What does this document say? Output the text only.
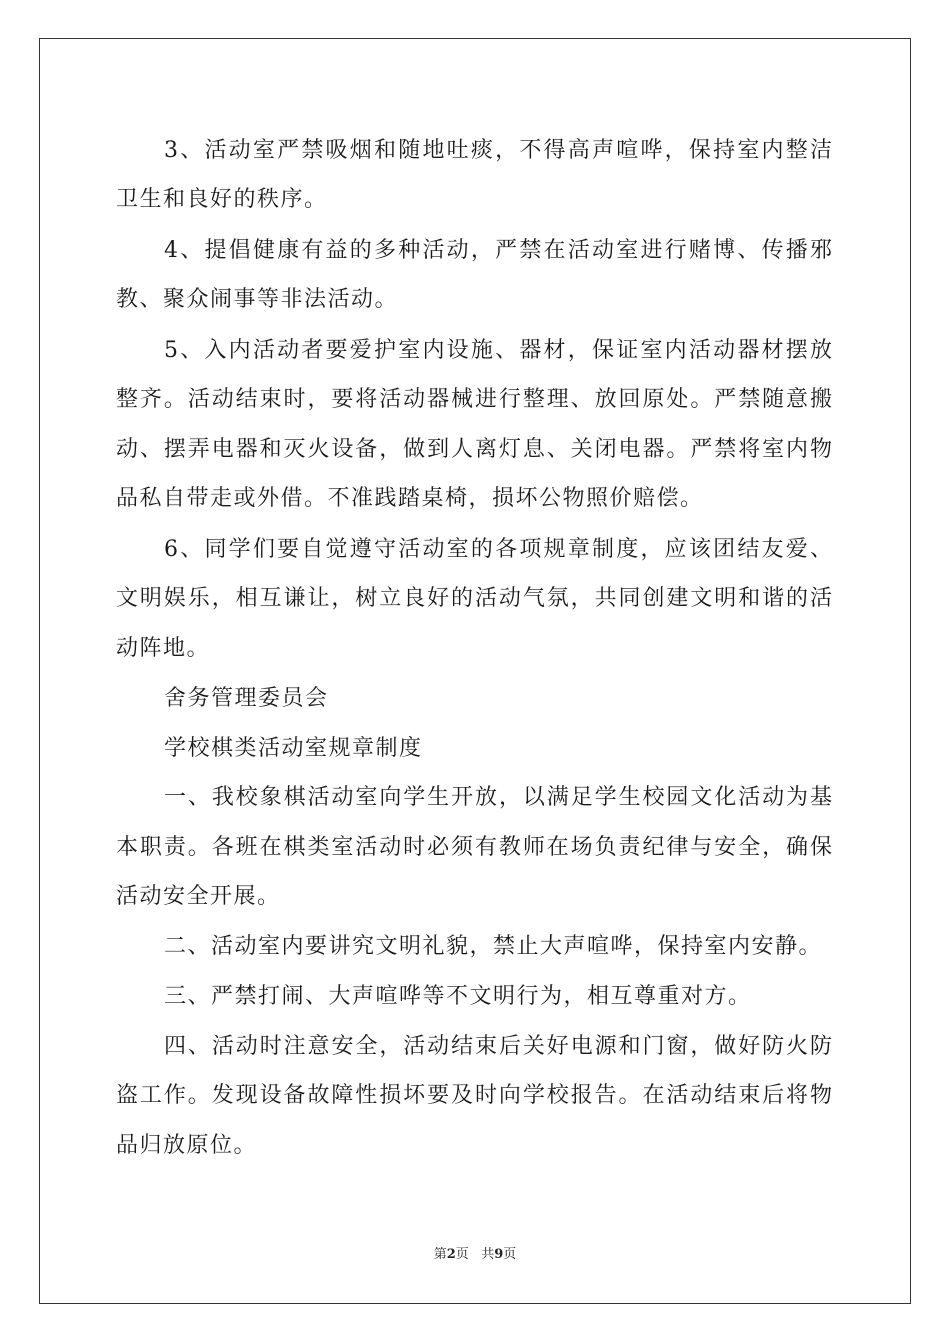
3、活动室严禁吸烟和随地吐痰，不得高声喧哗，保持室内整洁
卫生和良好的秩序。
4、提倡健康有益的多种活动，严禁在活动室进行赌博、传播邪
教、聚众闹事等非法活动。
5、入内活动者要爱护室内设施、器材，保证室内活动器材摆放
整齐。活动结束时，要将活动器械进行整理、放回原处。严禁随意搬
动、摆弄电器和灭火设备，做到人离灯息、关闭电器。严禁将室内物
品私自带走或外借。不准践踏桌椅，损坏公物照价赔偿。
6、同学们要自觉遵守活动室的各项规章制度，应该团结友爱、
文明娱乐，相互谦让，树立良好的活动气氛，共同创建文明和谐的活
动阵地。
舍务管理委员会
学校棋类活动室规章制度
一、我校象棋活动室向学生开放，以满足学生校园文化活动为基
本职责。各班在棋类室活动时必须有教师在场负责纪律与安全，确保
活动安全开展。
二、活动室内要讲究文明礼貌，禁止大声喧哗，保持室内安静。
三、严禁打闹、大声喧哗等不文明行为，相互尊重对方。
四、活动时注意安全，活动结束后关好电源和门窗，做好防火防
盗工作。发现设备故障性损坏要及时向学校报告。在活动结束后将物
品归放原位。
第2页 共9页
